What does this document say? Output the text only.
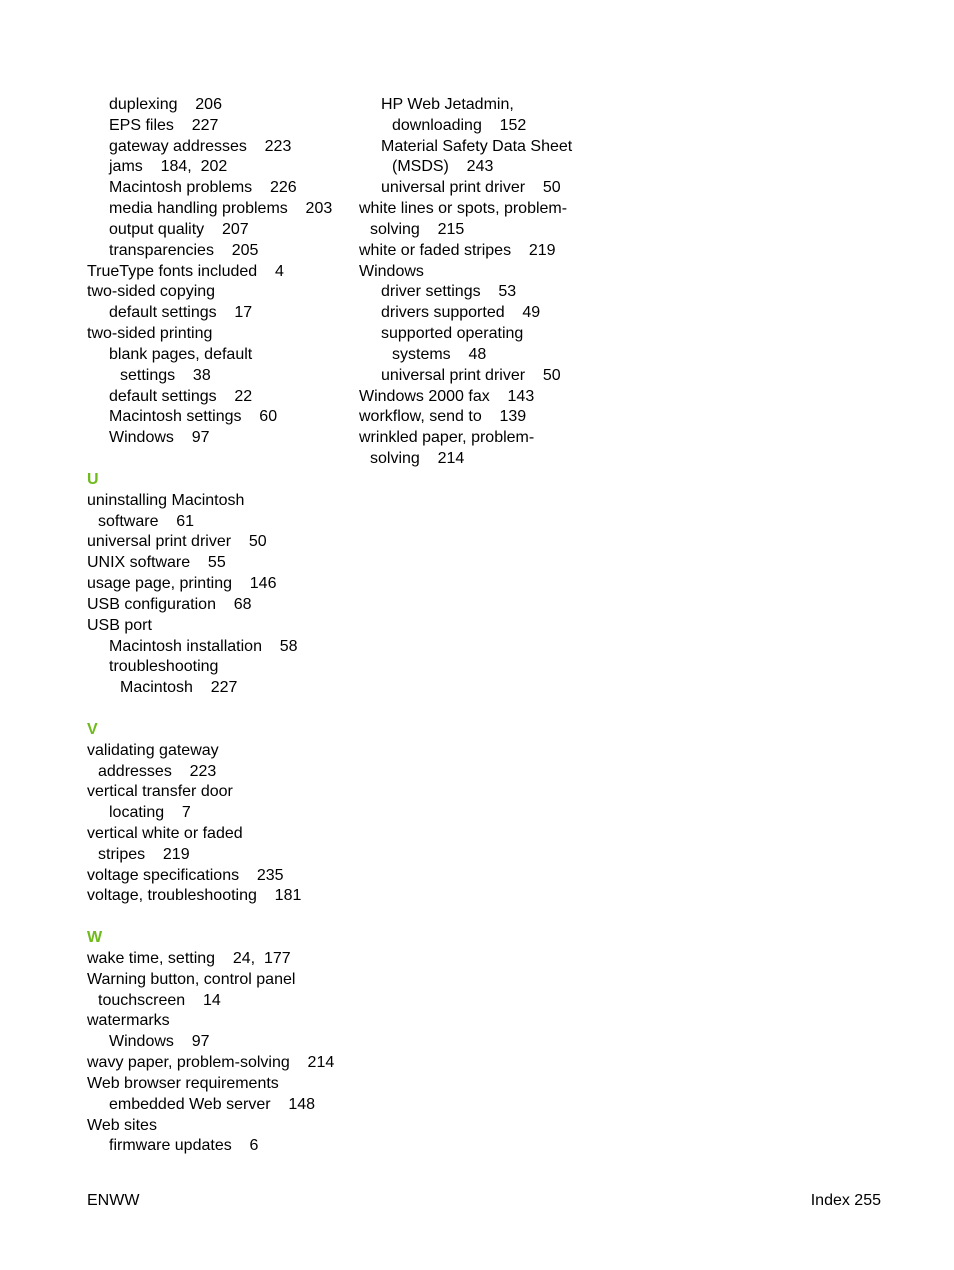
duplexing    206
EPS files    227
gateway addresses    223
jams    184,  202
Macintosh problems    226
media handling problems    203
output quality    207
transparencies    205
TrueType fonts included    4
two-sided copying
default settings    17
two-sided printing
blank pages, default
settings    38
default settings    22
Macintosh settings    60
Windows    97
U
uninstalling Macintosh
software    61
universal print driver    50
UNIX software    55
usage page, printing    146
USB configuration    68
USB port
Macintosh installation    58
troubleshooting
Macintosh    227
V
validating gateway
addresses    223
vertical transfer door
locating    7
vertical white or faded
stripes    219
voltage specifications    235
voltage, troubleshooting    181
W
wake time, setting    24,  177
Warning button, control panel
touchscreen    14
watermarks
Windows    97
wavy paper, problem-solving    214
Web browser requirements
embedded Web server    148
Web sites
firmware updates    6
HP Web Jetadmin,
downloading    152
Material Safety Data Sheet
(MSDS)    243
universal print driver    50
white lines or spots, problem-
solving    215
white or faded stripes    219
Windows
driver settings    53
drivers supported    49
supported operating
systems    48
universal print driver    50
Windows 2000 fax    143
workflow, send to    139
wrinkled paper, problem-
solving    214
ENWW	Index 255
